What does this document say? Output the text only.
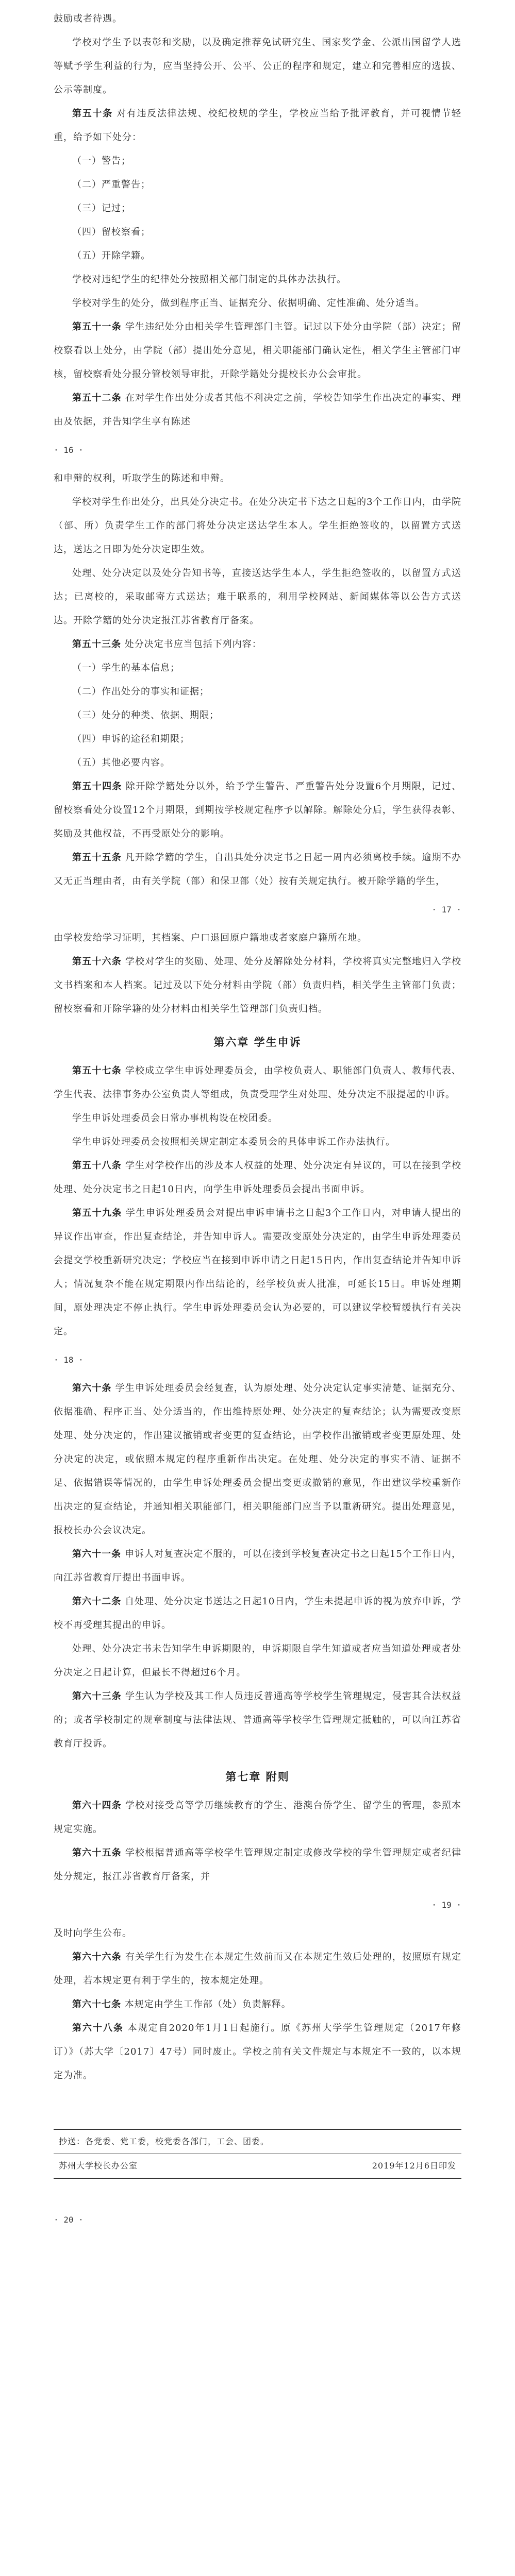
鼓励或者待遇。

学校对学生予以表彰和奖励，以及确定推荐免试研究生、国家奖学金、公派出国留学人选等赋予学生利益的行为，应当坚持公开、公平、公正的程序和规定，建立和完善相应的选拔、公示等制度。

第五十条 对有违反法律法规、校纪校规的学生，学校应当给予批评教育，并可视情节轻重，给予如下处分：

（一）警告；

（二）严重警告；

（三）记过；

（四）留校察看；

（五）开除学籍。

学校对违纪学生的纪律处分按照相关部门制定的具体办法执行。

学校对学生的处分，做到程序正当、证据充分、依据明确、定性准确、处分适当。

第五十一条 学生违纪处分由相关学生管理部门主管。记过以下处分由学院（部）决定；留校察看以上处分，由学院（部）提出处分意见，相关职能部门确认定性，相关学生主管部门审核，留校察看处分报分管校领导审批，开除学籍处分提校长办公会审批。

第五十二条 在对学生作出处分或者其他不利决定之前，学校告知学生作出决定的事实、理由及依据，并告知学生享有陈述

· 16 ·

和申辩的权利，听取学生的陈述和申辩。

学校对学生作出处分，出具处分决定书。在处分决定书下达之日起的3个工作日内，由学院（部、所）负责学生工作的部门将处分决定送达学生本人。学生拒绝签收的，以留置方式送达，送达之日即为处分决定即生效。

处理、处分决定以及处分告知书等，直接送达学生本人，学生拒绝签收的，以留置方式送达；已离校的，采取邮寄方式送达；难于联系的，利用学校网站、新闻媒体等以公告方式送达。开除学籍的处分决定报江苏省教育厅备案。

第五十三条 处分决定书应当包括下列内容：

（一）学生的基本信息；

（二）作出处分的事实和证据；

（三）处分的种类、依据、期限；

（四）申诉的途径和期限；

（五）其他必要内容。

第五十四条 除开除学籍处分以外，给予学生警告、严重警告处分设置6个月期限，记过、留校察看处分设置12个月期限，到期按学校规定程序予以解除。解除处分后，学生获得表彰、奖励及其他权益，不再受原处分的影响。

第五十五条 凡开除学籍的学生，自出具处分决定书之日起一周内必须离校手续。逾期不办又无正当理由者，由有关学院（部）和保卫部（处）按有关规定执行。被开除学籍的学生，

· 17 ·

由学校发给学习证明，其档案、户口退回原户籍地或者家庭户籍所在地。

第五十六条 学校对学生的奖励、处理、处分及解除处分材料，学校将真实完整地归入学校文书档案和本人档案。记过及以下处分材料由学院（部）负责归档，相关学生主管部门负责；留校察看和开除学籍的处分材料由相关学生管理部门负责归档。

第六章 学生申诉

第五十七条 学校成立学生申诉处理委员会，由学校负责人、职能部门负责人、教师代表、学生代表、法律事务办公室负责人等组成，负责受理学生对处理、处分决定不服提起的申诉。

学生申诉处理委员会日常办事机构设在校团委。

学生申诉处理委员会按照相关规定制定本委员会的具体申诉工作办法执行。

第五十八条 学生对学校作出的涉及本人权益的处理、处分决定有异议的，可以在接到学校处理、处分决定书之日起10日内，向学生申诉处理委员会提出书面申诉。

第五十九条 学生申诉处理委员会对提出申诉申请书之日起3个工作日内，对申请人提出的异议作出审查，作出复查结论，并告知申诉人。需要改变原处分决定的，由学生申诉处理委员会提交学校重新研究决定；学校应当在接到申诉申请之日起15日内，作出复查结论并告知申诉人；情况复杂不能在规定期限内作出结论的，经学校负责人批准，可延长15日。申诉处理期间，原处理决定不停止执行。学生申诉处理委员会认为必要的，可以建议学校暂缓执行有关决定。

· 18 ·

第六十条 学生申诉处理委员会经复查，认为原处理、处分决定认定事实清楚、证据充分、依据准确、程序正当、处分适当的，作出维持原处理、处分决定的复查结论；认为需要改变原处理、处分决定的，作出建议撤销或者变更的复查结论，由学校作出撤销或者变更原处理、处分决定的决定，或依照本规定的程序重新作出决定。在处理、处分决定的事实不清、证据不足、依据错误等情况的，由学生申诉处理委员会提出变更或撤销的意见，作出建议学校重新作出决定的复查结论，并通知相关职能部门，相关职能部门应当予以重新研究。提出处理意见，报校长办公会议决定。

第六十一条 申诉人对复查决定不服的，可以在接到学校复查决定书之日起15个工作日内，向江苏省教育厅提出书面申诉。

第六十二条 自处理、处分决定书送达之日起10日内，学生未提起申诉的视为放弃申诉，学校不再受理其提出的申诉。

处理、处分决定书未告知学生申诉期限的，申诉期限自学生知道或者应当知道处理或者处分决定之日起计算，但最长不得超过6个月。

第六十三条 学生认为学校及其工作人员违反普通高等学校学生管理规定，侵害其合法权益的；或者学校制定的规章制度与法律法规、普通高等学校学生管理规定抵触的，可以向江苏省教育厅投诉。

第七章 附则

第六十四条 学校对接受高等学历继续教育的学生、港澳台侨学生、留学生的管理，参照本规定实施。

第六十五条 学校根据普通高等学校学生管理规定制定或修改学校的学生管理规定或者纪律处分规定，报江苏省教育厅备案，并

· 19 ·

及时向学生公布。

第六十六条 有关学生行为发生在本规定生效前而又在本规定生效后处理的，按照原有规定处理，若本规定更有利于学生的，按本规定处理。

第六十七条 本规定由学生工作部（处）负责解释。

第六十八条 本规定自2020年1月1日起施行。原《苏州大学学生管理规定（2017年修订）》（苏大学〔2017〕47号）同时废止。学校之前有关文件规定与本规定不一致的，以本规定为准。

抄送：各党委、党工委，校党委各部门，工会、团委。
苏州大学校长办公室	2019年12月6日印发
· 20 ·
